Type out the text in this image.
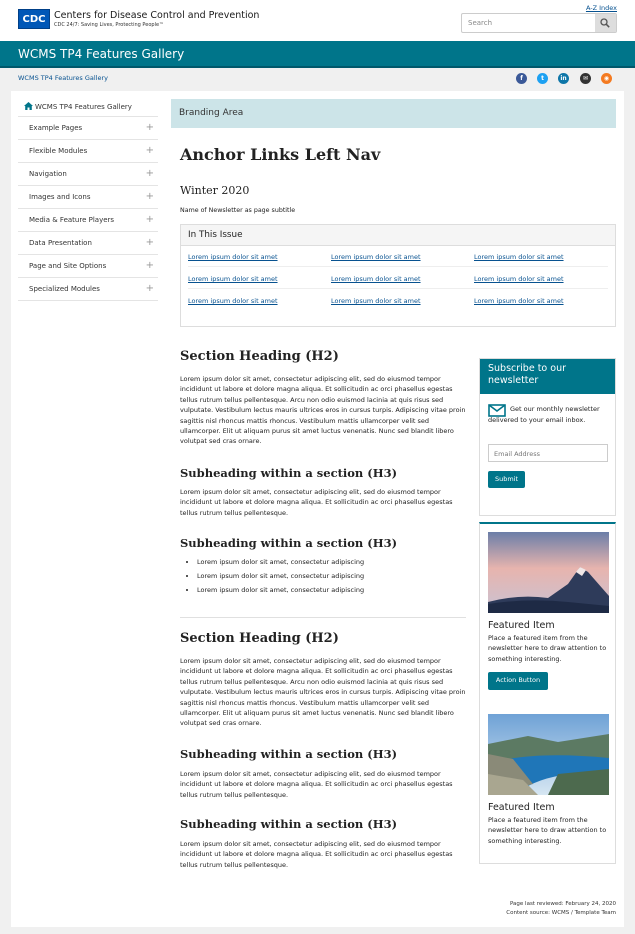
CDC Centers for Disease Control and Prevention
CDC 24/7: Saving Lives, Protecting People™
A-Z Index
Search
WCMS TP4 Features Gallery
WCMS TP4 Features Gallery	f	t	in	✉	◉
WCMS TP4 Features Gallery
Example Pages	+
Flexible Modules	+
Navigation	+
Images and Icons	+
Media & Feature Players	+
Data Presentation	+
Page and Site Options	+
Specialized Modules	+
Branding Area
Anchor Links Left Nav
Winter 2020
Name of Newsletter as page subtitle
In This Issue
Lorem ipsum dolor sit amet	Lorem ipsum dolor sit amet	Lorem ipsum dolor sit amet
Lorem ipsum dolor sit amet	Lorem ipsum dolor sit amet	Lorem ipsum dolor sit amet
Lorem ipsum dolor sit amet	Lorem ipsum dolor sit amet	Lorem ipsum dolor sit amet
Section Heading (H2)

Lorem ipsum dolor sit amet, consectetur adipiscing elit, sed do eiusmod tempor incididunt ut labore et dolore magna aliqua. Et sollicitudin ac orci phasellus egestas tellus rutrum tellus pellentesque. Arcu non odio euismod lacinia at quis risus sed vulputate. Vestibulum lectus mauris ultrices eros in cursus turpis. Adipiscing vitae proin sagittis nisl rhoncus mattis rhoncus. Vestibulum mattis ullamcorper velit sed ullamcorper. Elit ut aliquam purus sit amet luctus venenatis. Nunc sed blandit libero volutpat sed cras ornare.

Subheading within a section (H3)

Lorem ipsum dolor sit amet, consectetur adipiscing elit, sed do eiusmod tempor incididunt ut labore et dolore magna aliqua. Et sollicitudin ac orci phasellus egestas tellus rutrum tellus pellentesque.

Subheading within a section (H3)
• Lorem ipsum dolor sit amet, consectetur adipiscing
• Lorem ipsum dolor sit amet, consectetur adipiscing
• Lorem ipsum dolor sit amet, consectetur adipiscing
Section Heading (H2)

Lorem ipsum dolor sit amet, consectetur adipiscing elit, sed do eiusmod tempor incididunt ut labore et dolore magna aliqua. Et sollicitudin ac orci phasellus egestas tellus rutrum tellus pellentesque. Arcu non odio euismod lacinia at quis risus sed vulputate. Vestibulum lectus mauris ultrices eros in cursus turpis. Adipiscing vitae proin sagittis nisl rhoncus mattis rhoncus. Vestibulum mattis ullamcorper velit sed ullamcorper. Elit ut aliquam purus sit amet luctus venenatis. Nunc sed blandit libero volutpat sed cras ornare.

Subheading within a section (H3)

Lorem ipsum dolor sit amet, consectetur adipiscing elit, sed do eiusmod tempor incididunt ut labore et dolore magna aliqua. Et sollicitudin ac orci phasellus egestas tellus rutrum tellus pellentesque.

Subheading within a section (H3)

Lorem ipsum dolor sit amet, consectetur adipiscing elit, sed do eiusmod tempor incididunt ut labore et dolore magna aliqua. Et sollicitudin ac orci phasellus egestas tellus rutrum tellus pellentesque.

Subscribe to our newsletter

Get our monthly newsletter delivered to your email inbox.

Email Address
Submit
Featured Item

Place a featured item from the newsletter here to draw attention to something interesting.

Action Button
Featured Item

Place a featured item from the newsletter here to draw attention to something interesting.

Page last reviewed: February 24, 2020
Content source: WCMS / Template Team
